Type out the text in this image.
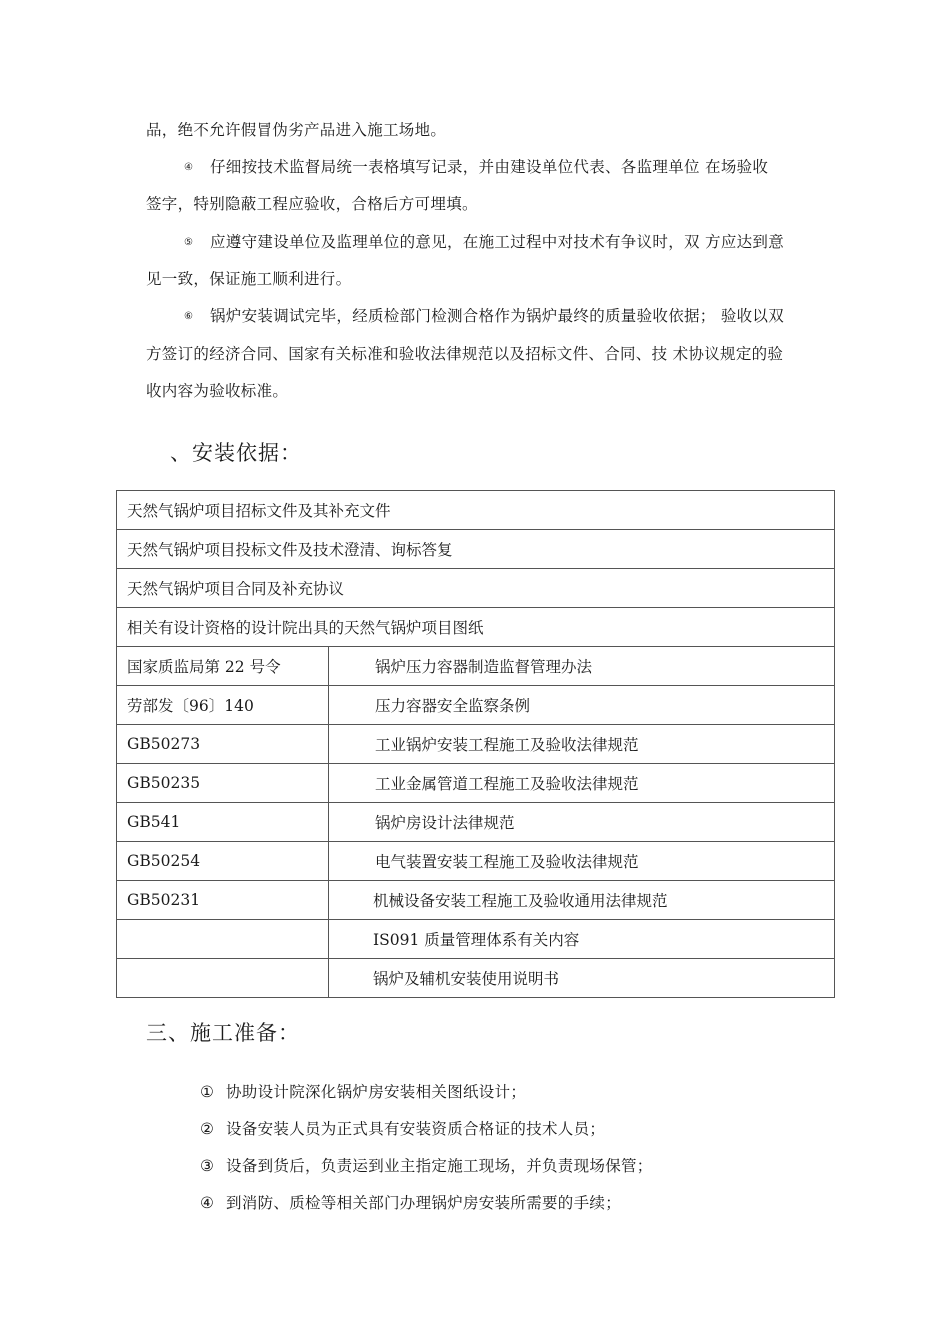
品，绝不允许假冒伪劣产品进入施工场地。
④ 仔细按技术监督局统一表格填写记录，并由建设单位代表、各监理单位 在场验收
签字，特别隐蔽工程应验收，合格后方可埋填。
⑤ 应遵守建设单位及监理单位的意见，在施工过程中对技术有争议时，双 方应达到意
见一致，保证施工顺利进行。
⑥ 锅炉安装调试完毕，经质检部门检测合格作为锅炉最终的质量验收依据； 验收以双
方签订的经济合同、国家有关标准和验收法律规范以及招标文件、合同、技 术协议规定的验
收内容为验收标准。
、安装依据：
天然气锅炉项目招标文件及其补充文件	
天然气锅炉项目投标文件及技术澄清、询标答复	
天然气锅炉项目合同及补充协议	
相关有设计资格的设计院出具的天然气锅炉项目图纸	
国家质监局第 22 号令	锅炉压力容器制造监督管理办法
劳部发〔96〕140	压力容器安全监察条例
GB50273	工业锅炉安装工程施工及验收法律规范
GB50235	工业金属管道工程施工及验收法律规范
GB541	锅炉房设计法律规范
GB50254	电气装置安装工程施工及验收法律规范
GB50231	机械设备安装工程施工及验收通用法律规范
	IS091 质量管理体系有关内容
	锅炉及辅机安装使用说明书
三、施工准备：
① 协助设计院深化锅炉房安装相关图纸设计；
② 设备安装人员为正式具有安装资质合格证的技术人员；
③ 设备到货后，负责运到业主指定施工现场，并负责现场保管；
④ 到消防、质检等相关部门办理锅炉房安装所需要的手续；
